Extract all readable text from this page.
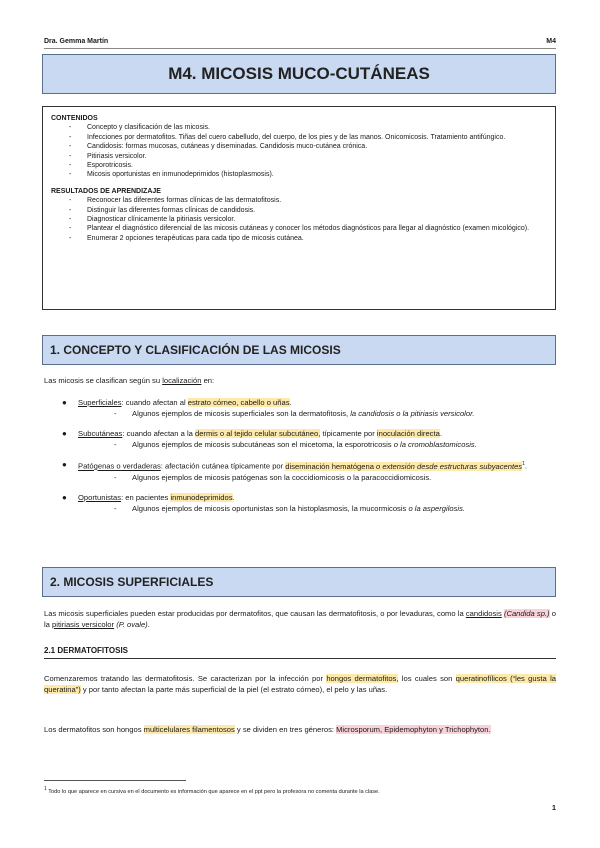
Dra. Gemma Martín	M4
M4. MICOSIS MUCO-CUTÁNEAS
CONTENIDOS
- Concepto y clasificación de las micosis.
- Infecciones por dermatofitos. Tiñas del cuero cabelludo, del cuerpo, de los pies y de las manos. Onicomicosis. Tratamiento antifúngico.
- Candidosis: formas mucosas, cutáneas y diseminadas. Candidosis muco-cutánea crónica.
- Pitiriasis versicolor.
- Esporotricosis.
- Micosis oportunistas en inmunodeprimidos (histoplasmosis).
RESULTADOS DE APRENDIZAJE
- Reconocer las diferentes formas clínicas de las dermatofitosis.
- Distinguir las diferentes formas clínicas de candidosis.
- Diagnosticar clínicamente la pitiriasis versicolor.
- Plantear el diagnóstico diferencial de las micosis cutáneas y conocer los métodos diagnósticos para llegar al diagnóstico (examen micológico).
- Enumerar 2 opciones terapéuticas para cada tipo de micosis cutánea.
1. CONCEPTO Y CLASIFICACIÓN DE LAS MICOSIS
Las micosis se clasifican según su localización en:
● Superficiales: cuando afectan al estrato córneo, cabello o uñas.
- Algunos ejemplos de micosis superficiales son la dermatofitosis, la candidosis o la pitiriasis versicolor.
● Subcutáneas: cuando afectan a la dermis o al tejido celular subcutáneo, típicamente por inoculación directa.
- Algunos ejemplos de micosis subcutáneas son el micetoma, la esporotricosis o la cromoblastomicosis.
● Patógenas o verdaderas: afectación cutánea típicamente por diseminación hematógena o extensión desde estructuras subyacentes$^1$.
- Algunos ejemplos de micosis patógenas son la coccidiomicosis o la paracoccidiomicosis.
● Oportunistas: en pacientes inmunodeprimidos.
- Algunos ejemplos de micosis oportunistas son la histoplasmosis, la mucormicosis o la aspergilosis.
2. MICOSIS SUPERFICIALES
Las micosis superficiales pueden estar producidas por dermatofitos, que causan las dermatofitosis, o por levaduras, como la candidosis (Candida sp.) o la pitiriasis versicolor (P. ovale).
2.1 DERMATOFITOSIS
Comenzaremos tratando las dermatofitosis. Se caracterizan por la infección por hongos dermatofitos, los cuales son queratinofílicos (“les gusta la queratina”) y por tanto afectan la parte más superficial de la piel (el estrato córneo), el pelo y las uñas.
Los dermatofitos son hongos multicelulares filamentosos y se dividen en tres géneros: Microsporum, Epidemophyton y Trichophyton.
$^1$ Todo lo que aparece en cursiva en el documento es información que aparece en el ppt pero la profesora no comenta durante la clase.
1
